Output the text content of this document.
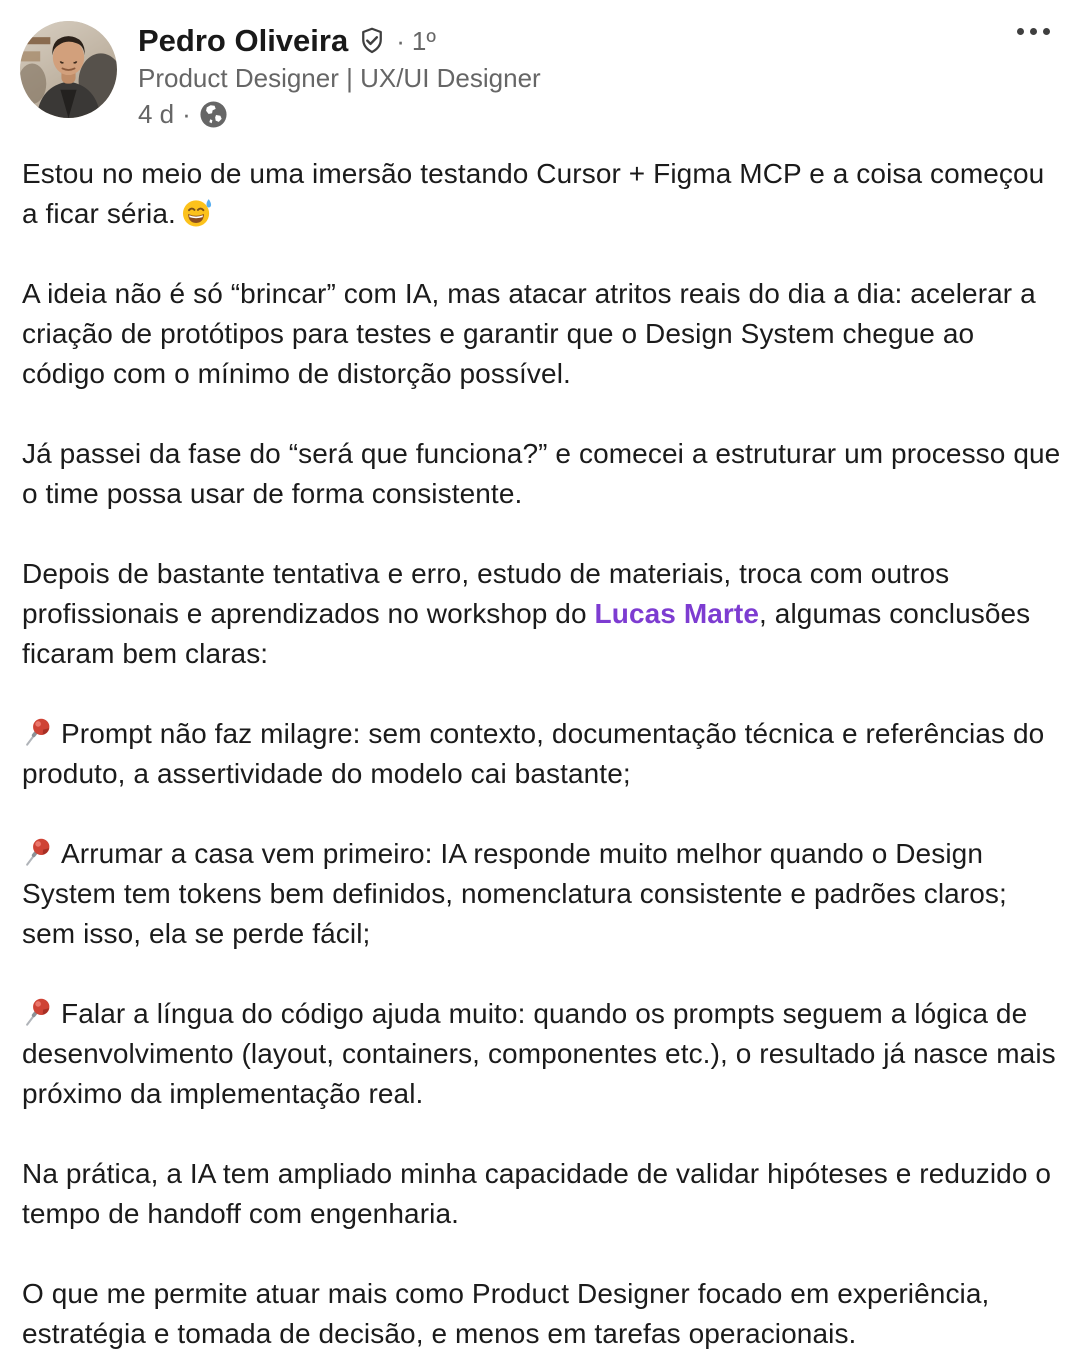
Pedro Oliveira · 1º
Product Designer | UX/UI Designer
4 d ·

Estou no meio de uma imersão testando Cursor + Figma MCP e a coisa começou a ficar séria.

A ideia não é só “brincar” com IA, mas atacar atritos reais do dia a dia: acelerar a criação de protótipos para testes e garantir que o Design System chegue ao código com o mínimo de distorção possível.

Já passei da fase do “será que funciona?” e comecei a estruturar um processo que o time possa usar de forma consistente.

Depois de bastante tentativa e erro, estudo de materiais, troca com outros profissionais e aprendizados no workshop do Lucas Marte, algumas conclusões ficaram bem claras:

Prompt não faz milagre: sem contexto, documentação técnica e referências do produto, a assertividade do modelo cai bastante;

Arrumar a casa vem primeiro: IA responde muito melhor quando o Design System tem tokens bem definidos, nomenclatura consistente e padrões claros; sem isso, ela se perde fácil;

Falar a língua do código ajuda muito: quando os prompts seguem a lógica de desenvolvimento (layout, containers, componentes etc.), o resultado já nasce mais próximo da implementação real.

Na prática, a IA tem ampliado minha capacidade de validar hipóteses e reduzido o tempo de handoff com engenharia.

O que me permite atuar mais como Product Designer focado em experiência, estratégia e tomada de decisão, e menos em tarefas operacionais.
